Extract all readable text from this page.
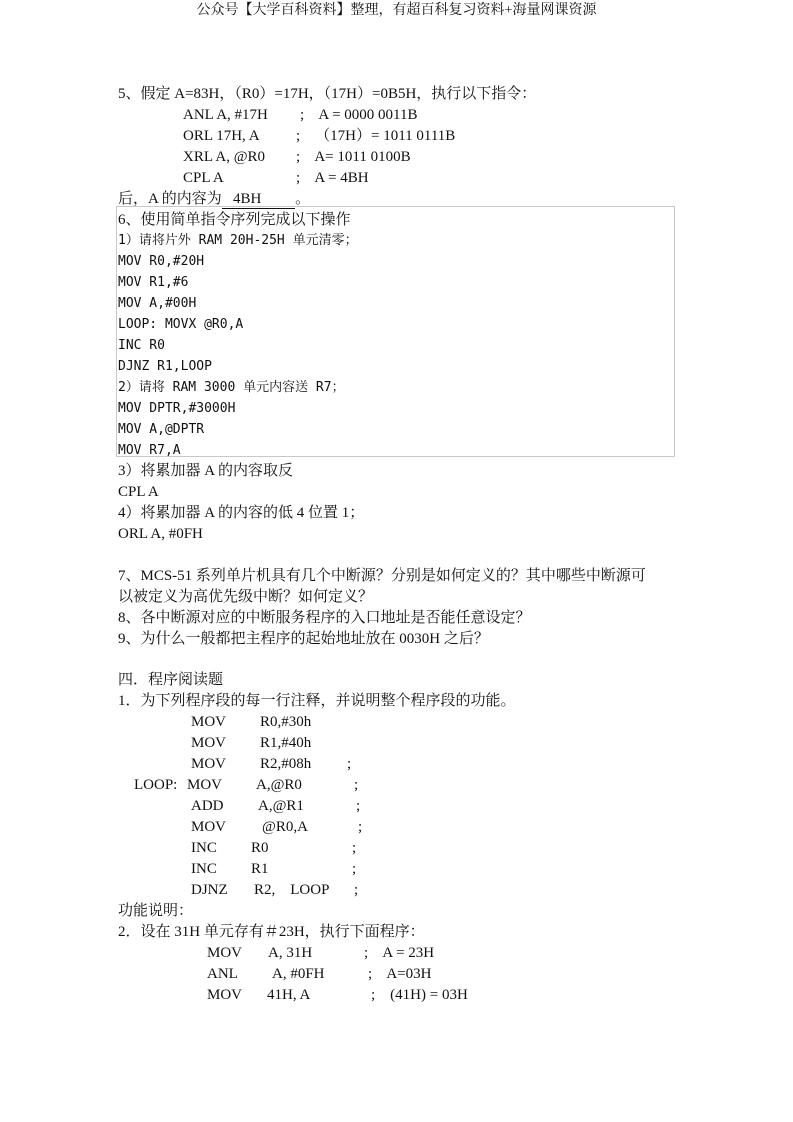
公众号【大学百科资料】整理，有超百科复习资料+海量网课资源
5、假定 A=83H，（R0）=17H，（17H）=0B5H，执行以下指令：
ANL A, #17H ;    A = 0000 0011B
ORL 17H, A ;    （17H）= 1011 0111B
XRL A, @R0 ;    A= 1011 0100B
CPL A	;    A = 4BH
后，A 的内容为   4BH         。
6、使用简单指令序列完成以下操作
1）请将片外 RAM 20H-25H 单元清零；
MOV R0,#20H
MOV R1,#6
MOV A,#00H
LOOP: MOVX @R0,A
INC R0
DJNZ R1,LOOP
2）请将 RAM 3000 单元内容送 R7；
MOV DPTR,#3000H
MOV A,@DPTR
MOV R7,A
3）将累加器 A 的内容取反
CPL A
4）将累加器 A 的内容的低 4 位置 1；
ORL A, #0FH
7、MCS-51 系列单片机具有几个中断源？分别是如何定义的？其中哪些中断源可
以被定义为高优先级中断？如何定义？
8、各中断源对应的中断服务程序的入口地址是否能任意设定？
9、为什么一般都把主程序的起始地址放在 0030H 之后？
四．程序阅读题
1．为下列程序段的每一行注释，并说明整个程序段的功能。
MOV R0,#30h
MOV R1,#40h
MOV R2,#08h ;
LOOP: MOV A,@R0	;
ADD A,@R1	;
MOV @R0,A	;
INC R0	;
INC R1	;
DJNZ R2,    LOOP ;
功能说明：
2．设在 31H 单元存有＃23H，执行下面程序：
MOV A, 31H	;    A = 23H
ANL A, #0FH	;    A=03H
MOV 41H, A	;    (41H) = 03H
